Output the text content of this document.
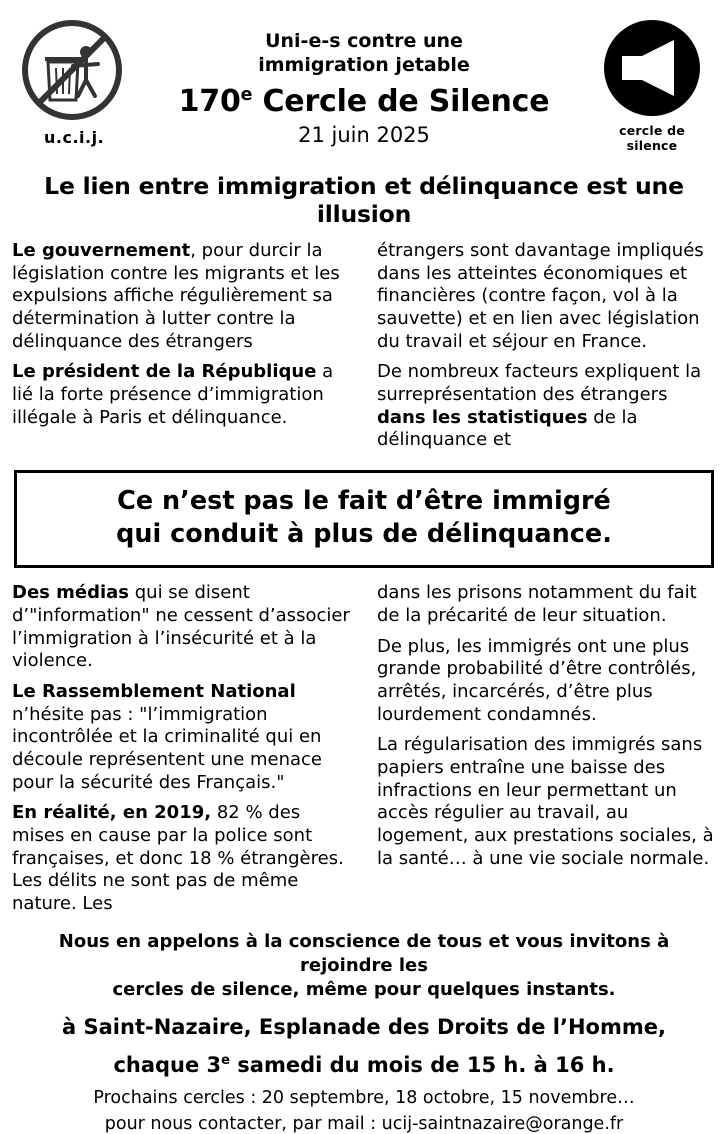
u.c.i.j.
Uni-e-s contre une
immigration jetable
170e Cercle de Silence
21 juin 2025	cercle de silence
Le lien entre immigration et délinquance est une illusion

Le gouvernement, pour durcir la législation contre les migrants et les expulsions affiche régulièrement sa détermination à lutter contre la délinquance des étrangers

Le président de la République a lié la forte présence d’immigration illégale à Paris et délinquance.

étrangers sont davantage impliqués dans les atteintes économiques et financières (contre façon, vol à la sauvette) et en lien avec législation du travail et séjour en France.

De nombreux facteurs expliquent la surreprésentation des étrangers dans les statistiques de la délinquance et

Ce n’est pas le fait d’être immigré
qui conduit à plus de délinquance.

Des médias qui se disent d’"information" ne cessent d’associer l’immigration à l’insécurité et à la violence.

Le Rassemblement National n’hésite pas : "l’immigration incontrôlée et la criminalité qui en découle représentent une menace pour la sécurité des Français."

En réalité, en 2019, 82 % des mises en cause par la police sont françaises, et donc 18 % étrangères. Les délits ne sont pas de même nature. Les

dans les prisons notamment du fait de la précarité de leur situation.

De plus, les immigrés ont une plus grande probabilité d’être contrôlés, arrêtés, incarcérés, d’être plus lourdement condamnés.

La régularisation des immigrés sans papiers entraîne une baisse des infractions en leur permettant un accès régulier au travail, au logement, aux prestations sociales, à la santé… à une vie sociale normale.

Nous en appelons à la conscience de tous et vous invitons à rejoindre les
cercles de silence, même pour quelques instants.
à Saint-Nazaire, Esplanade des Droits de l’Homme,
chaque 3e samedi du mois de 15 h. à 16 h.
Prochains cercles : 20 septembre, 18 octobre, 15 novembre…
pour nous contacter, par mail : ucij-saintnazaire@orange.fr
